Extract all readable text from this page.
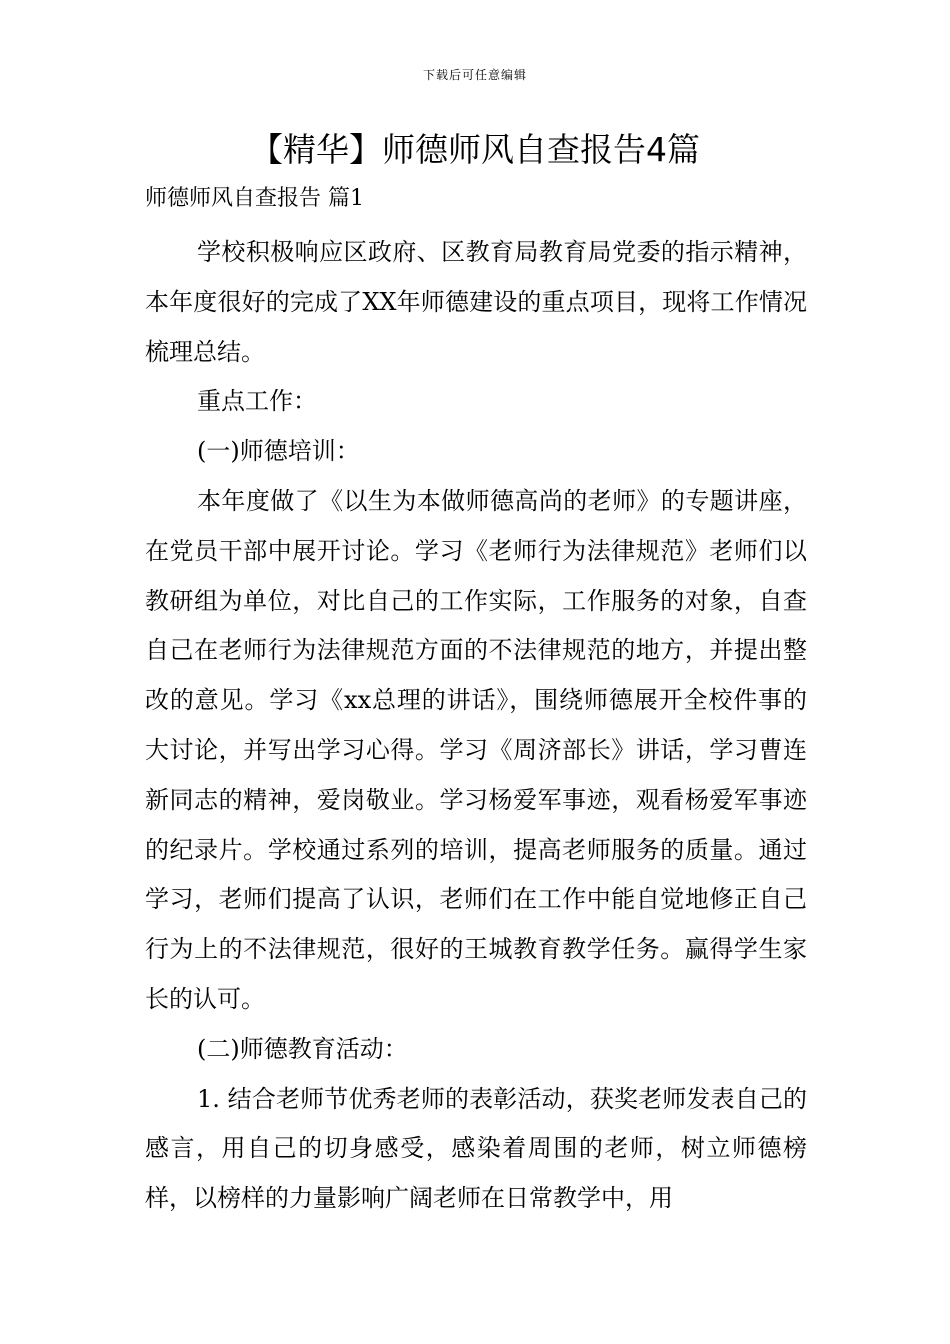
下载后可任意编辑
【精华】师德师风自查报告4篇
师德师风自查报告 篇1

学校积极响应区政府、区教育局教育局党委的指示精神，本年度很好的完成了XX年师德建设的重点项目，现将工作情况梳理总结。

重点工作：

(一)师德培训：

本年度做了《以生为本做师德高尚的老师》的专题讲座，在党员干部中展开讨论。学习《老师行为法律规范》老师们以教研组为单位，对比自己的工作实际，工作服务的对象，自查自己在老师行为法律规范方面的不法律规范的地方，并提出整改的意见。学习《xx总理的讲话》，围绕师德展开全校件事的大讨论，并写出学习心得。学习《周济部长》讲话，学习曹连新同志的精神，爱岗敬业。学习杨爱军事迹，观看杨爱军事迹的纪录片。学校通过系列的培训，提高老师服务的质量。通过学习，老师们提高了认识，老师们在工作中能自觉地修正自己行为上的不法律规范，很好的王城教育教学任务。赢得学生家长的认可。

(二)师德教育活动：

1. 结合老师节优秀老师的表彰活动，获奖老师发表自己的感言，用自己的切身感受，感染着周围的老师，树立师德榜样，以榜样的力量影响广阔老师在日常教学中，用
